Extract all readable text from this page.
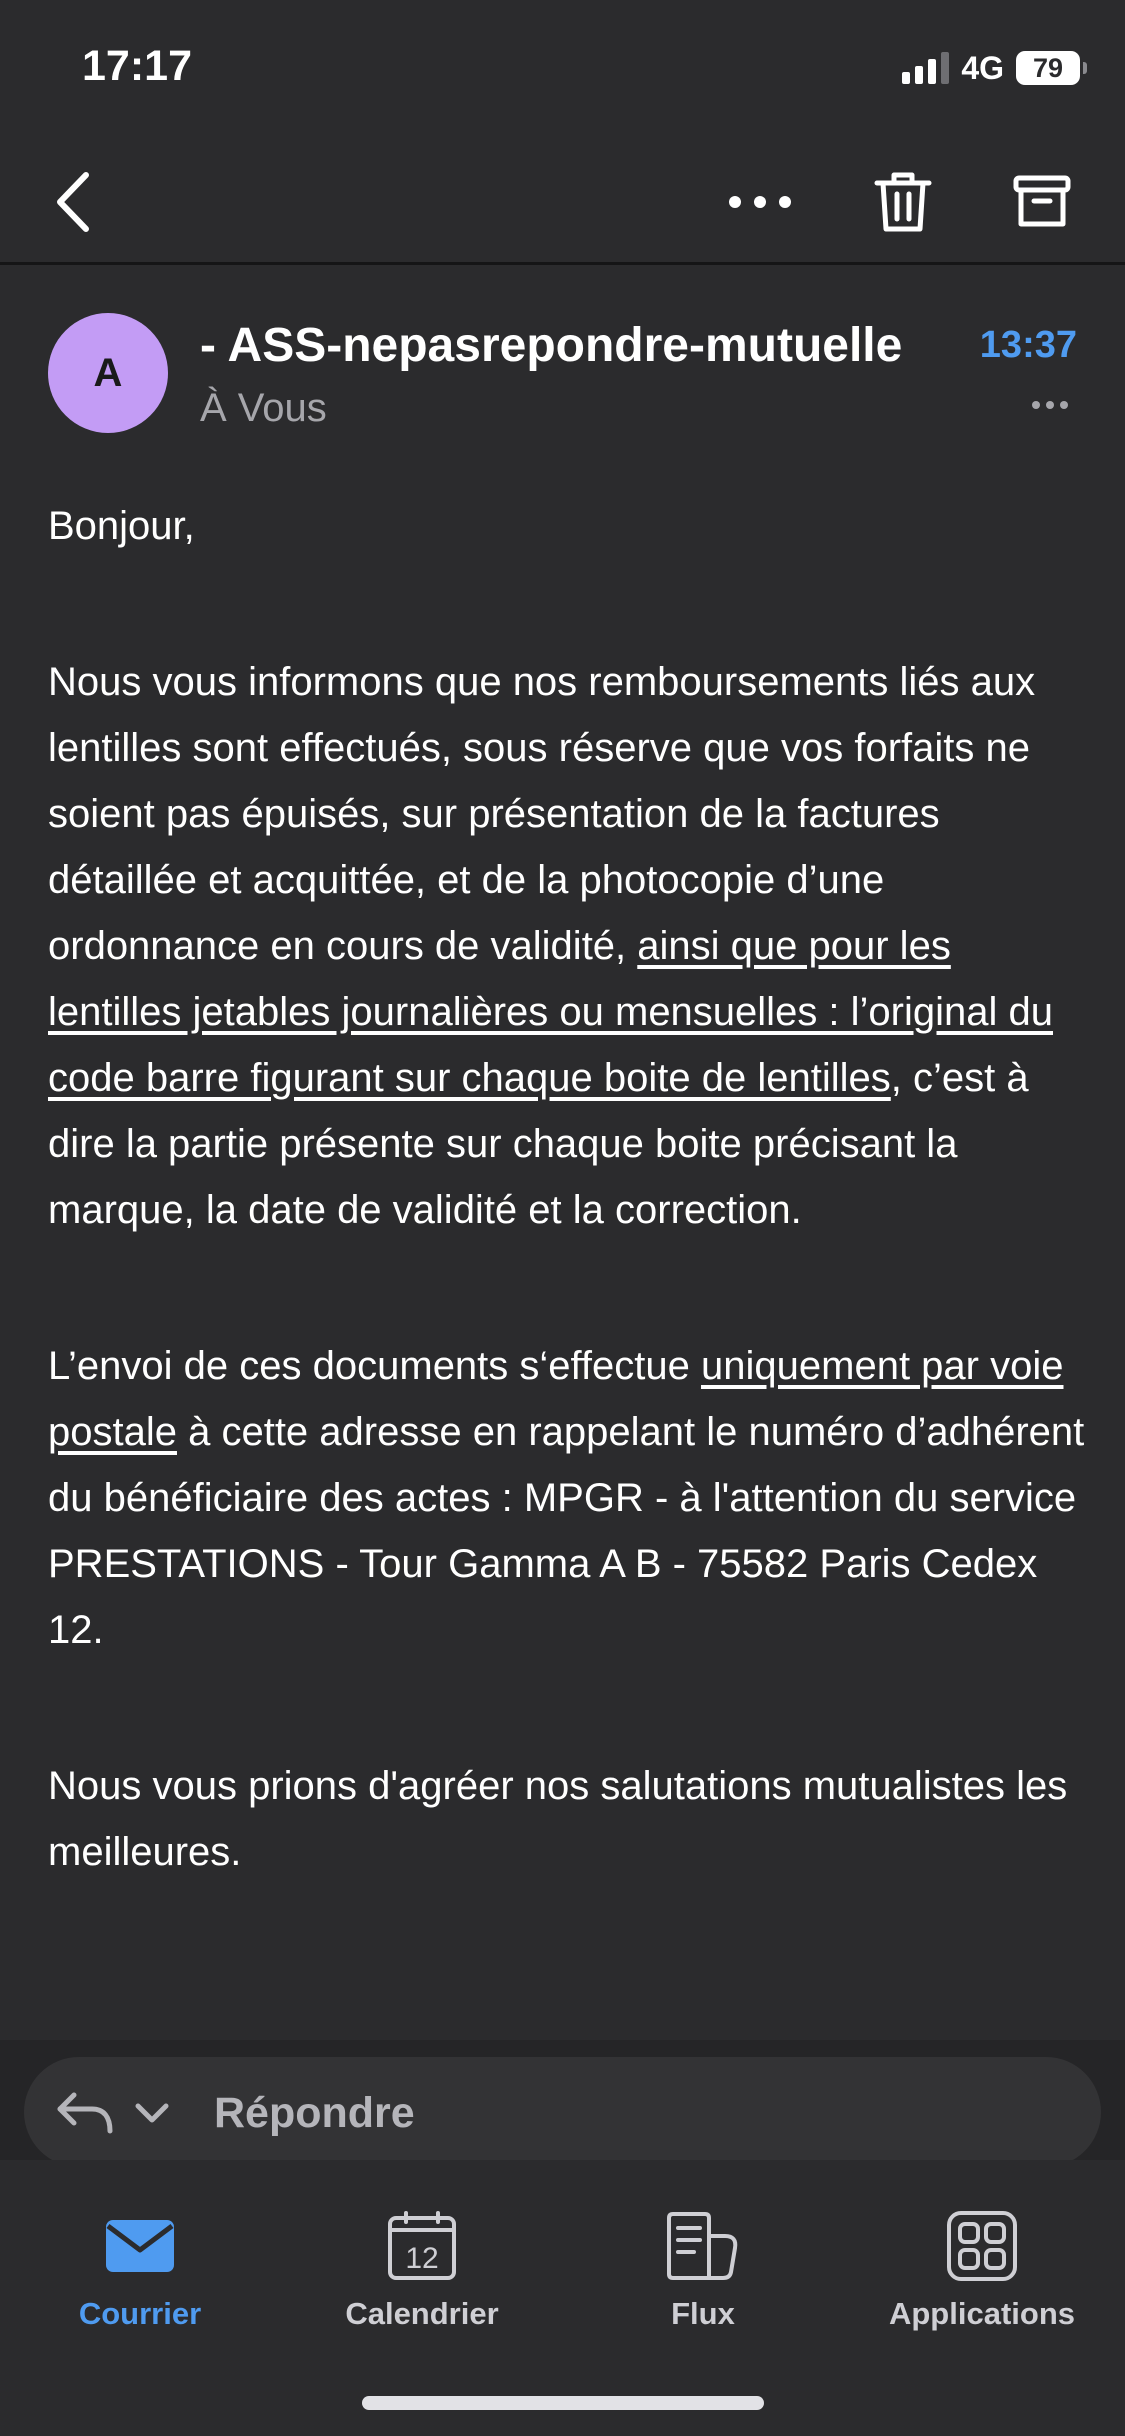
17:17	4G 79
A
- ASS-nepasrepondre-mutuelle	13:37
À Vous

Bonjour,

Nous vous informons que nos remboursements liés aux lentilles sont effectués, sous réserve que vos forfaits ne soient pas épuisés, sur présentation de la factures détaillée et acquittée, et de la photocopie d’une ordonnance en cours de validité, ainsi que pour les lentilles jetables journalières ou mensuelles : l’original du code barre figurant sur chaque boite de lentilles, c’est à dire la partie présente sur chaque boite précisant la marque, la date de validité et la correction.

L’envoi de ces documents s‘effectue uniquement par voie postale à cette adresse en rappelant le numéro d’adhérent du bénéficiaire des actes : MPGR - à l'attention du service PRESTATIONS - Tour Gamma A B - 75582 Paris Cedex 12.

Nous vous prions d'agréer nos salutations mutualistes les meilleures.

Répondre
Courrier
12
Calendrier	Flux	Applications
